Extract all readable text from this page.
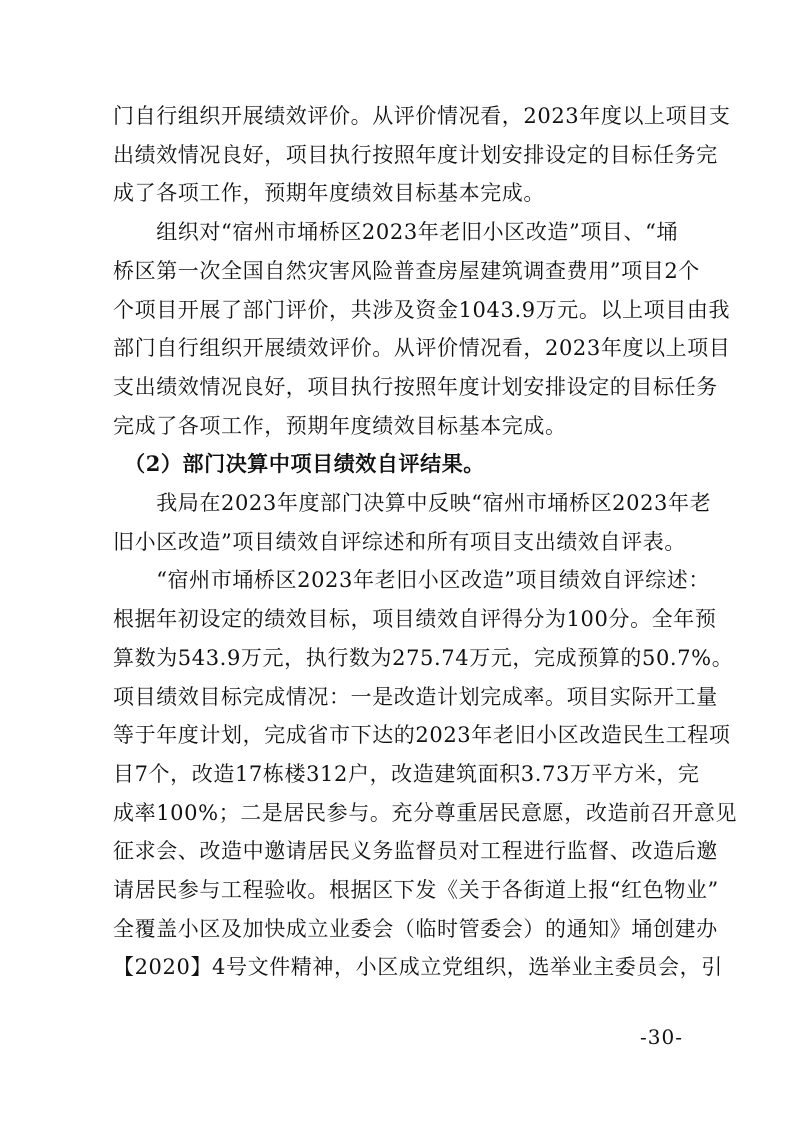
门自行组织开展绩效评价。从评价情况看，2023年度以上项目支
出绩效情况良好，项目执行按照年度计划安排设定的目标任务完
成了各项工作，预期年度绩效目标基本完成。

　　组织对“宿州市埇桥区2023年老旧小区改造”项目、“埇
桥区第一次全国自然灾害风险普查房屋建筑调查费用”项目2个
个项目开展了部门评价，共涉及资金1043.9万元。以上项目由我
部门自行组织开展绩效评价。从评价情况看，2023年度以上项目
支出绩效情况良好，项目执行按照年度计划安排设定的目标任务
完成了各项工作，预期年度绩效目标基本完成。

　（2）部门决算中项目绩效自评结果。

　　我局在2023年度部门决算中反映“宿州市埇桥区2023年老
旧小区改造”项目绩效自评综述和所有项目支出绩效自评表。

　　“宿州市埇桥区2023年老旧小区改造”项目绩效自评综述：
根据年初设定的绩效目标，项目绩效自评得分为100分。全年预
算数为543.9万元，执行数为275.74万元，完成预算的50.7%。
项目绩效目标完成情况：一是改造计划完成率。项目实际开工量
等于年度计划，完成省市下达的2023年老旧小区改造民生工程项
目7个，改造17栋楼312户，改造建筑面积3.73万平方米，完
成率100%；二是居民参与。充分尊重居民意愿，改造前召开意见
征求会、改造中邀请居民义务监督员对工程进行监督、改造后邀
请居民参与工程验收。根据区下发《关于各街道上报“红色物业”
全覆盖小区及加快成立业委会（临时管委会）的通知》埇创建办
【2020】4号文件精神，小区成立党组织，选举业主委员会，引

-30-
